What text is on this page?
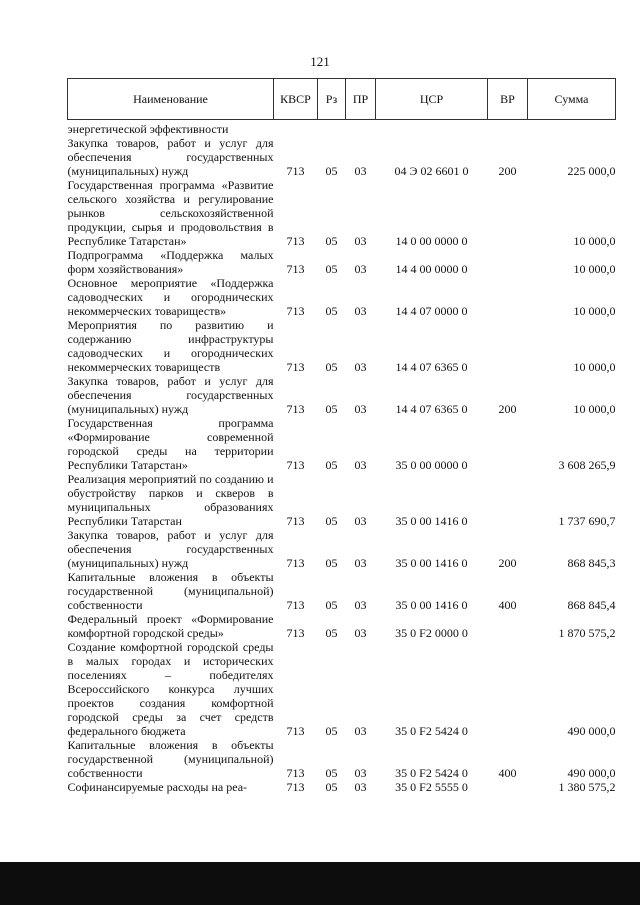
121
Наименование	КВСР	Рз	ПР	ЦСР	ВР	Сумма
энергетической эффективности						
Закупка товаров, работ и услуг для обеспечения государственных (муниципальных) нужд	713	05	03	04 Э 02 6601 0	200	225 000,0
Государственная программа «Развитие сельского хозяйства и регулирование рынков сельскохозяйственной продукции, сырья и продовольствия в Республике Татарстан»	713	05	03	14 0 00 0000 0		10 000,0
Подпрограмма «Поддержка малых форм хозяйствования»	713	05	03	14 4 00 0000 0		10 000,0
Основное мероприятие «Поддержка садоводческих и огороднических некоммерческих товариществ»	713	05	03	14 4 07 0000 0		10 000,0
Мероприятия по развитию и содержанию инфраструктуры садоводческих и огороднических некоммерческих товариществ	713	05	03	14 4 07 6365 0		10 000,0
Закупка товаров, работ и услуг для обеспечения государственных (муниципальных) нужд	713	05	03	14 4 07 6365 0	200	10 000,0
Государственная программа «Формирование современной городской среды на территории Республики Татарстан»	713	05	03	35 0 00 0000 0		3 608 265,9
Реализация мероприятий по созданию и обустройству парков и скверов в муниципальных образованиях Республики Татарстан	713	05	03	35 0 00 1416 0		1 737 690,7
Закупка товаров, работ и услуг для обеспечения государственных (муниципальных) нужд	713	05	03	35 0 00 1416 0	200	868 845,3
Капитальные вложения в объекты государственной (муниципальной) собственности	713	05	03	35 0 00 1416 0	400	868 845,4
Федеральный проект «Формирование комфортной городской среды»	713	05	03	35 0 F2 0000 0		1 870 575,2
Создание комфортной городской среды в малых городах и исторических поселениях – победителях Всероссийского конкурса лучших проектов создания комфортной городской среды за счет средств федерального бюджета	713	05	03	35 0 F2 5424 0		490 000,0
Капитальные вложения в объекты государственной (муниципальной) собственности	713	05	03	35 0 F2 5424 0	400	490 000,0
Софинансируемые расходы на реа-	713	05	03	35 0 F2 5555 0		1 380 575,2
